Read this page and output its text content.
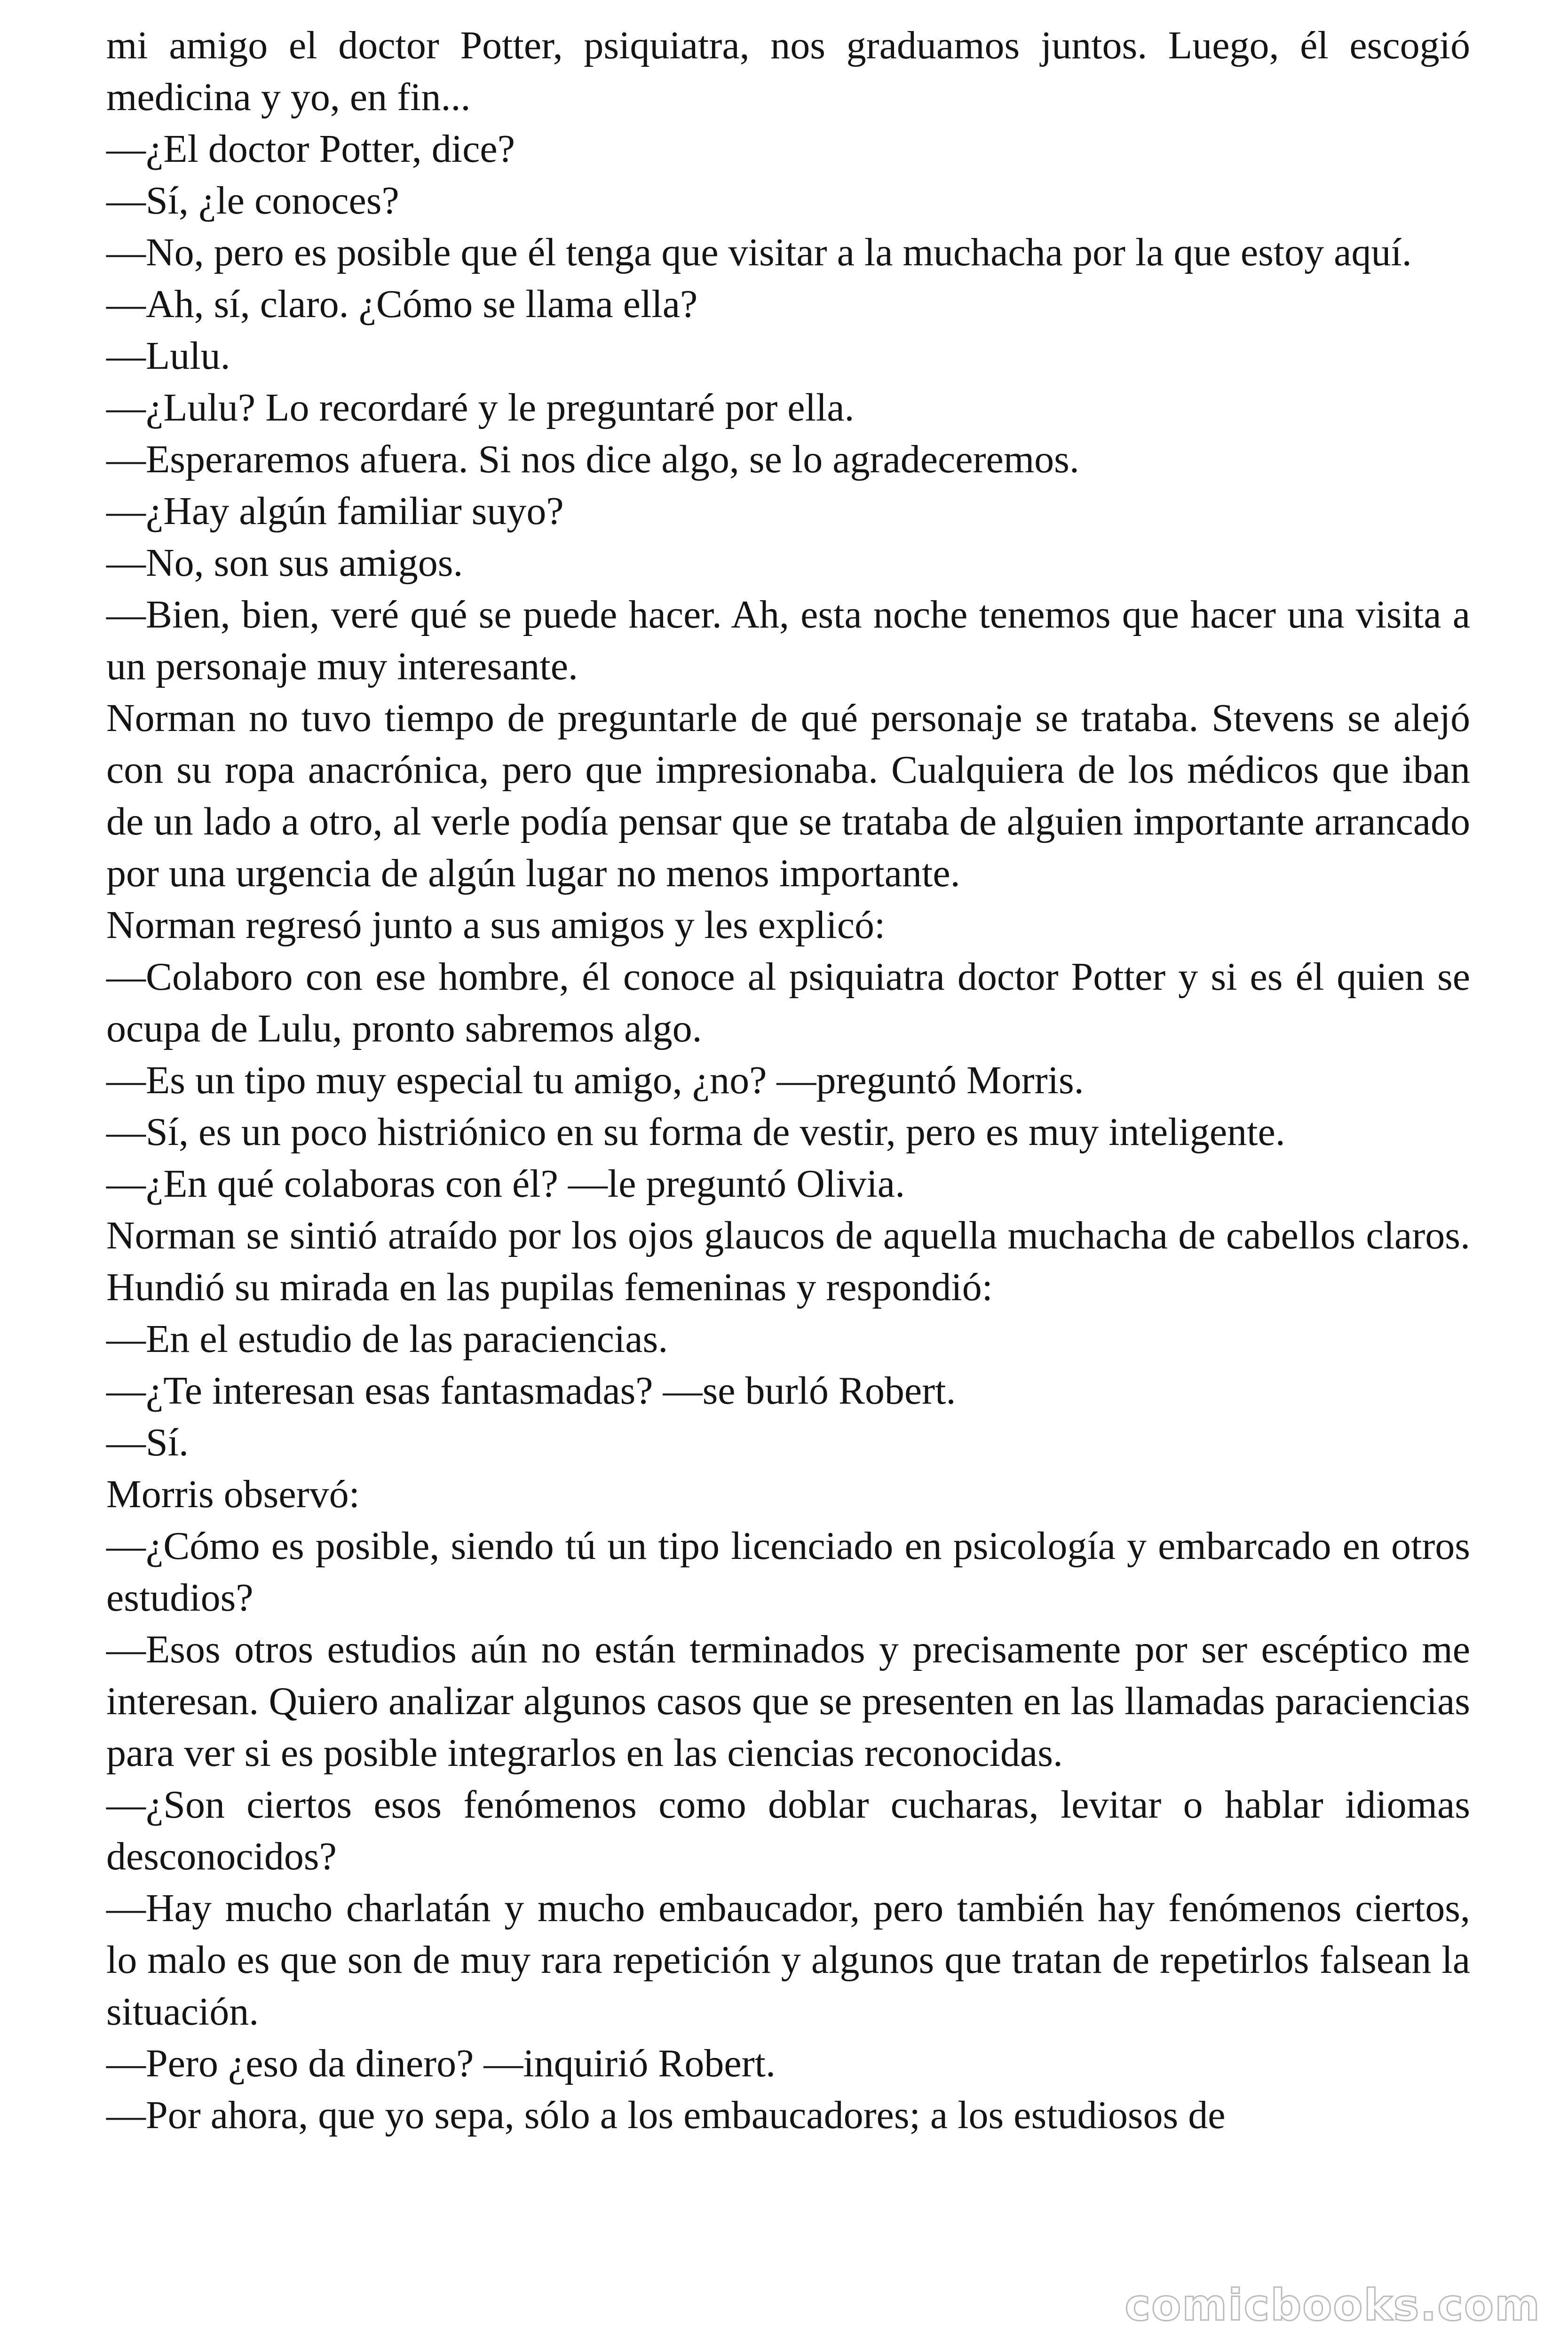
mi amigo el doctor Potter, psiquiatra, nos graduamos juntos. Luego, él escogió medicina y yo, en fin...

—¿El doctor Potter, dice?

—Sí, ¿le conoces?

—No, pero es posible que él tenga que visitar a la muchacha por la que estoy aquí.

—Ah, sí, claro. ¿Cómo se llama ella?

—Lulu.

—¿Lulu? Lo recordaré y le preguntaré por ella.

—Esperaremos afuera. Si nos dice algo, se lo agradeceremos.

—¿Hay algún familiar suyo?

—No, son sus amigos.

—Bien, bien, veré qué se puede hacer. Ah, esta noche tenemos que hacer una visita a un personaje muy interesante.

Norman no tuvo tiempo de preguntarle de qué personaje se trataba. Stevens se alejó con su ropa anacrónica, pero que impresionaba. Cualquiera de los médicos que iban de un lado a otro, al verle podía pensar que se trataba de alguien importante arrancado por una urgencia de algún lugar no menos importante.

Norman regresó junto a sus amigos y les explicó:

—Colaboro con ese hombre, él conoce al psiquiatra doctor Potter y si es él quien se ocupa de Lulu, pronto sabremos algo.

—Es un tipo muy especial tu amigo, ¿no? —preguntó Morris.

—Sí, es un poco histriónico en su forma de vestir, pero es muy inteligente.

—¿En qué colaboras con él? —le preguntó Olivia.

Norman se sintió atraído por los ojos glaucos de aquella muchacha de cabellos claros. Hundió su mirada en las pupilas femeninas y respondió:

—En el estudio de las paraciencias.

—¿Te interesan esas fantasmadas? —se burló Robert.

—Sí.

Morris observó:

—¿Cómo es posible, siendo tú un tipo licenciado en psicología y embarcado en otros estudios?

—Esos otros estudios aún no están terminados y precisamente por ser escéptico me interesan. Quiero analizar algunos casos que se presenten en las llamadas paraciencias para ver si es posible integrarlos en las ciencias reconocidas.

—¿Son ciertos esos fenómenos como doblar cucharas, levitar o hablar idiomas desconocidos?

—Hay mucho charlatán y mucho embaucador, pero también hay fenómenos ciertos, lo malo es que son de muy rara repetición y algunos que tratan de repetirlos falsean la situación.

—Pero ¿eso da dinero? —inquirió Robert.

—Por ahora, que yo sepa, sólo a los embaucadores; a los estudiosos de

comicbooks.com
